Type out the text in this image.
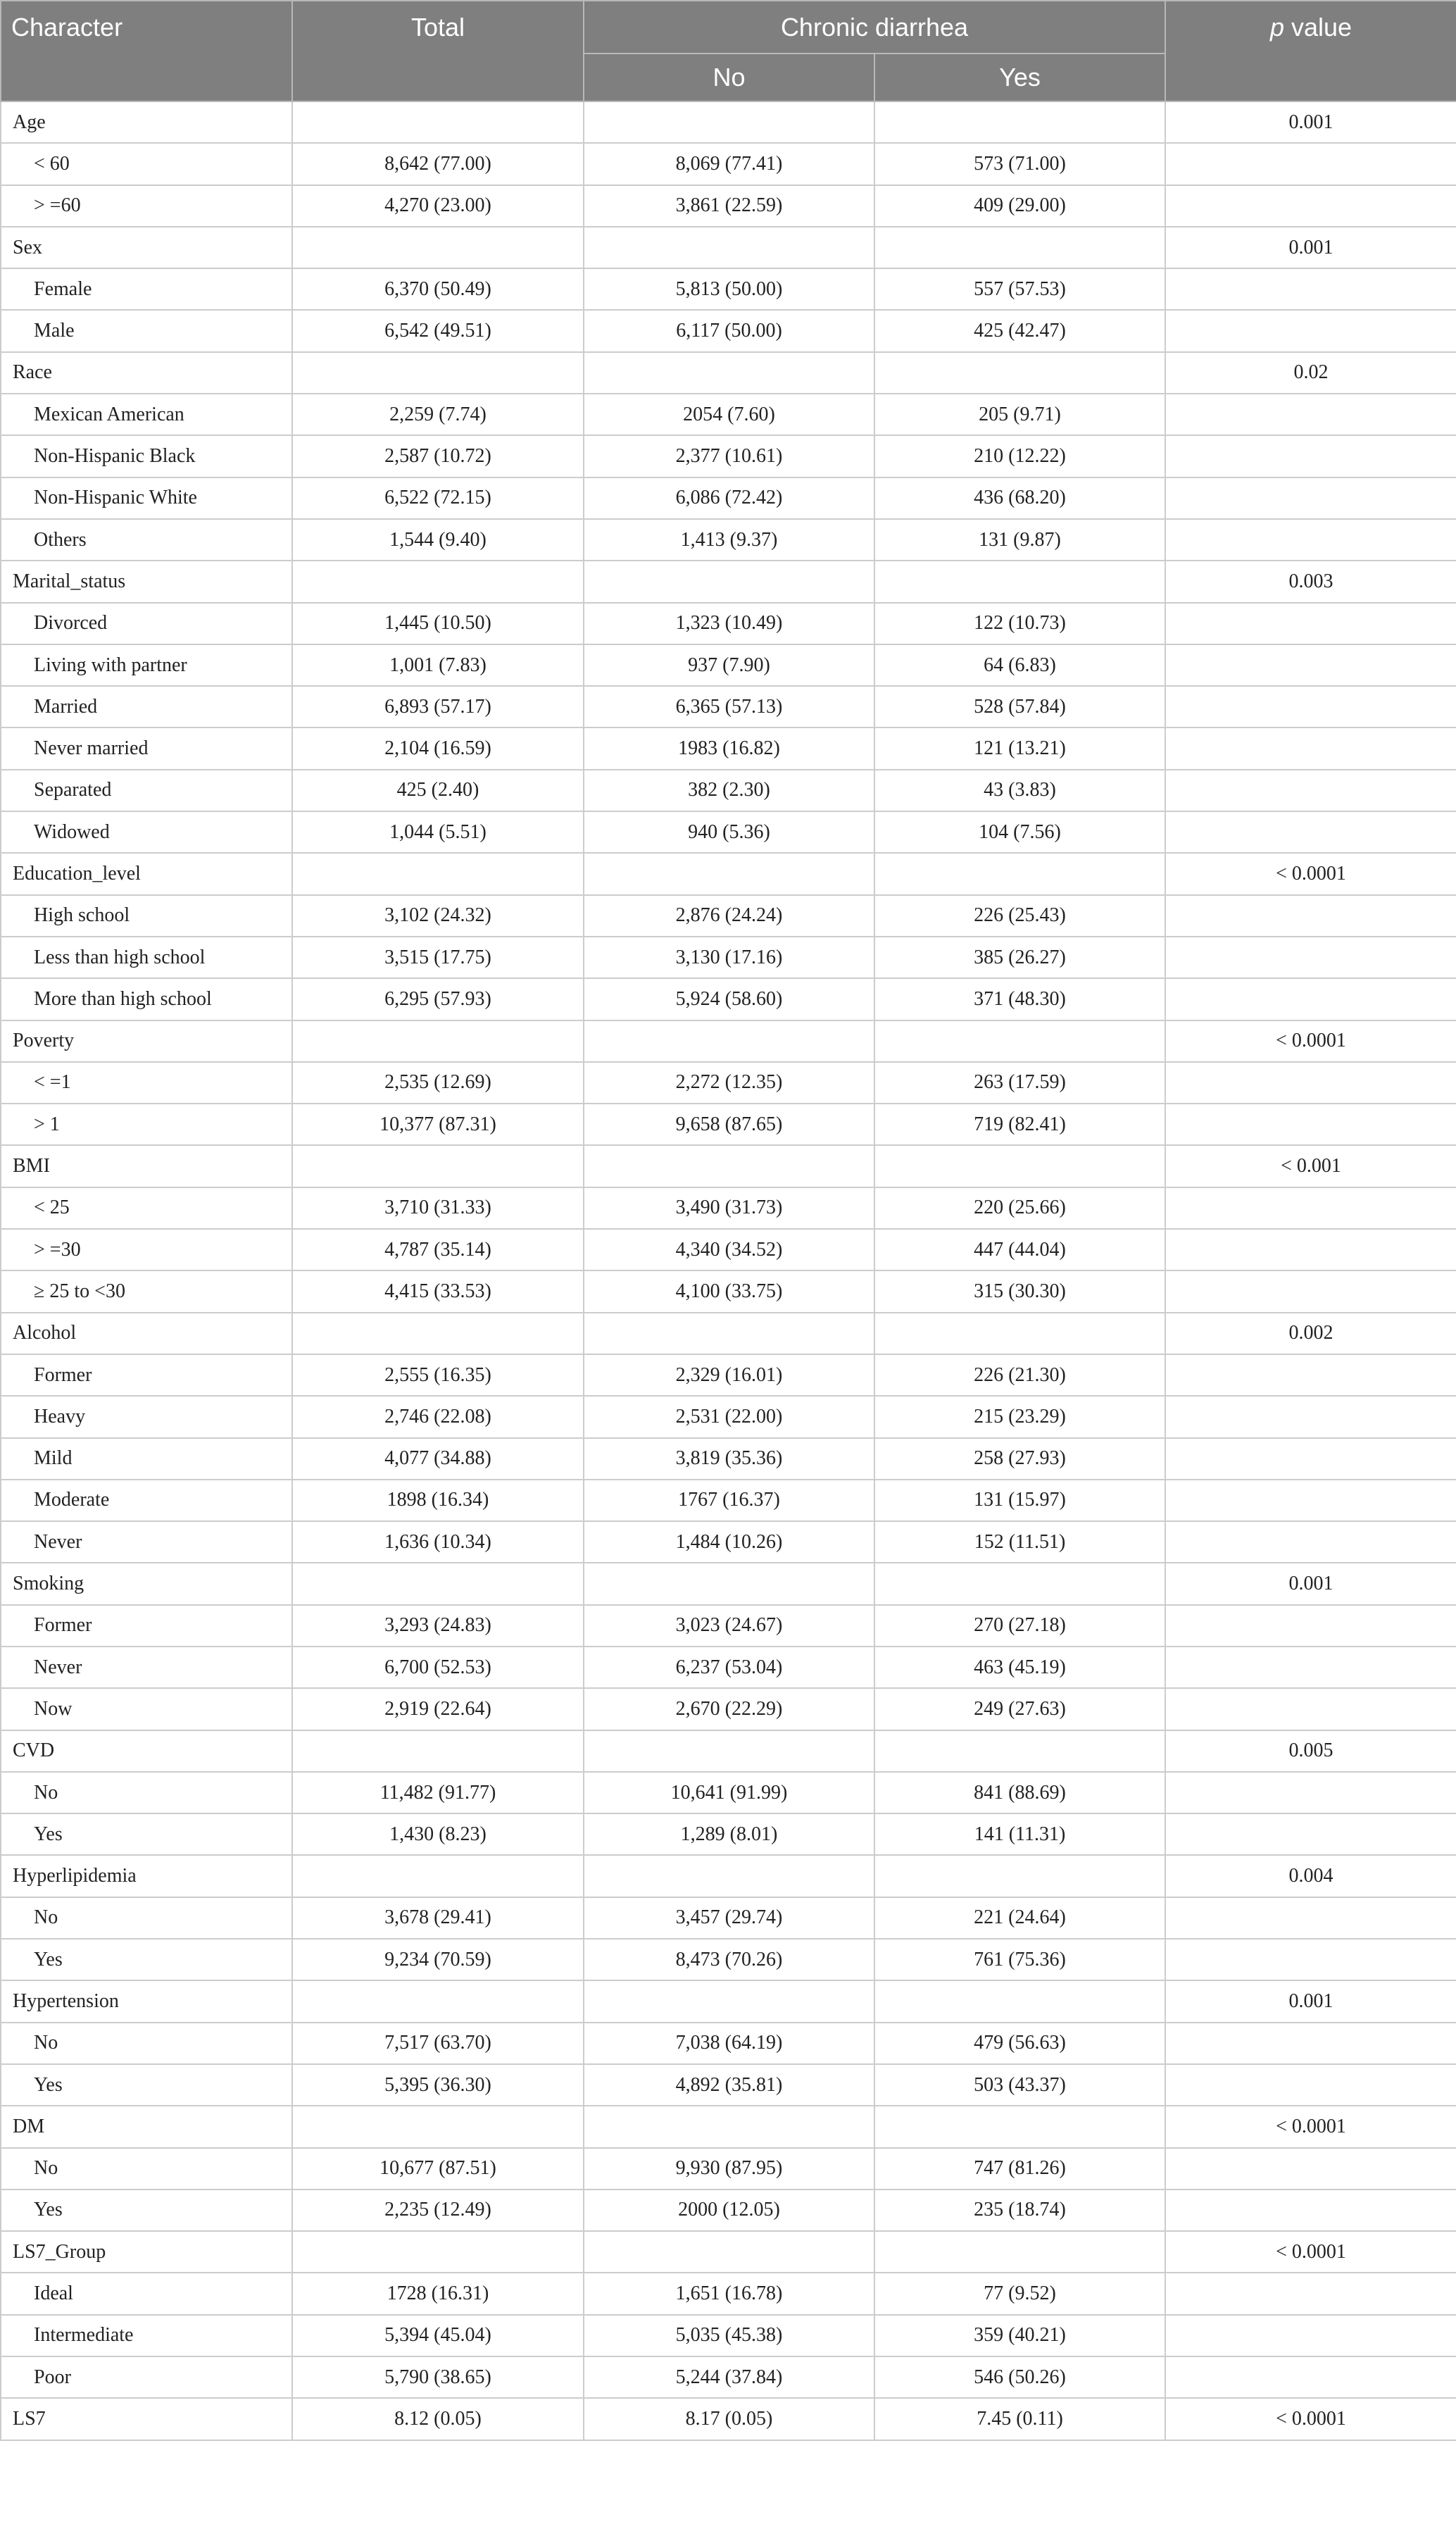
Character	Total	Chronic diarrhea		p value
		No	Yes	
Age				0.001
< 60	8,642 (77.00)	8,069 (77.41)	573 (71.00)	
> =60	4,270 (23.00)	3,861 (22.59)	409 (29.00)	
Sex				0.001
Female	6,370 (50.49)	5,813 (50.00)	557 (57.53)	
Male	6,542 (49.51)	6,117 (50.00)	425 (42.47)	
Race				0.02
Mexican American	2,259 (7.74)	2054 (7.60)	205 (9.71)	
Non-Hispanic Black	2,587 (10.72)	2,377 (10.61)	210 (12.22)	
Non-Hispanic White	6,522 (72.15)	6,086 (72.42)	436 (68.20)	
Others	1,544 (9.40)	1,413 (9.37)	131 (9.87)	
Marital_status				0.003
Divorced	1,445 (10.50)	1,323 (10.49)	122 (10.73)	
Living with partner	1,001 (7.83)	937 (7.90)	64 (6.83)	
Married	6,893 (57.17)	6,365 (57.13)	528 (57.84)	
Never married	2,104 (16.59)	1983 (16.82)	121 (13.21)	
Separated	425 (2.40)	382 (2.30)	43 (3.83)	
Widowed	1,044 (5.51)	940 (5.36)	104 (7.56)	
Education_level				< 0.0001
High school	3,102 (24.32)	2,876 (24.24)	226 (25.43)	
Less than high school	3,515 (17.75)	3,130 (17.16)	385 (26.27)	
More than high school	6,295 (57.93)	5,924 (58.60)	371 (48.30)	
Poverty				< 0.0001
< =1	2,535 (12.69)	2,272 (12.35)	263 (17.59)	
> 1	10,377 (87.31)	9,658 (87.65)	719 (82.41)	
BMI				< 0.001
< 25	3,710 (31.33)	3,490 (31.73)	220 (25.66)	
> =30	4,787 (35.14)	4,340 (34.52)	447 (44.04)	
≥ 25 to <30	4,415 (33.53)	4,100 (33.75)	315 (30.30)	
Alcohol				0.002
Former	2,555 (16.35)	2,329 (16.01)	226 (21.30)	
Heavy	2,746 (22.08)	2,531 (22.00)	215 (23.29)	
Mild	4,077 (34.88)	3,819 (35.36)	258 (27.93)	
Moderate	1898 (16.34)	1767 (16.37)	131 (15.97)	
Never	1,636 (10.34)	1,484 (10.26)	152 (11.51)	
Smoking				0.001
Former	3,293 (24.83)	3,023 (24.67)	270 (27.18)	
Never	6,700 (52.53)	6,237 (53.04)	463 (45.19)	
Now	2,919 (22.64)	2,670 (22.29)	249 (27.63)	
CVD				0.005
No	11,482 (91.77)	10,641 (91.99)	841 (88.69)	
Yes	1,430 (8.23)	1,289 (8.01)	141 (11.31)	
Hyperlipidemia				0.004
No	3,678 (29.41)	3,457 (29.74)	221 (24.64)	
Yes	9,234 (70.59)	8,473 (70.26)	761 (75.36)	
Hypertension				0.001
No	7,517 (63.70)	7,038 (64.19)	479 (56.63)	
Yes	5,395 (36.30)	4,892 (35.81)	503 (43.37)	
DM				< 0.0001
No	10,677 (87.51)	9,930 (87.95)	747 (81.26)	
Yes	2,235 (12.49)	2000 (12.05)	235 (18.74)	
LS7_Group				< 0.0001
Ideal	1728 (16.31)	1,651 (16.78)	77 (9.52)	
Intermediate	5,394 (45.04)	5,035 (45.38)	359 (40.21)	
Poor	5,790 (38.65)	5,244 (37.84)	546 (50.26)	
LS7	8.12 (0.05)	8.17 (0.05)	7.45 (0.11)	< 0.0001
